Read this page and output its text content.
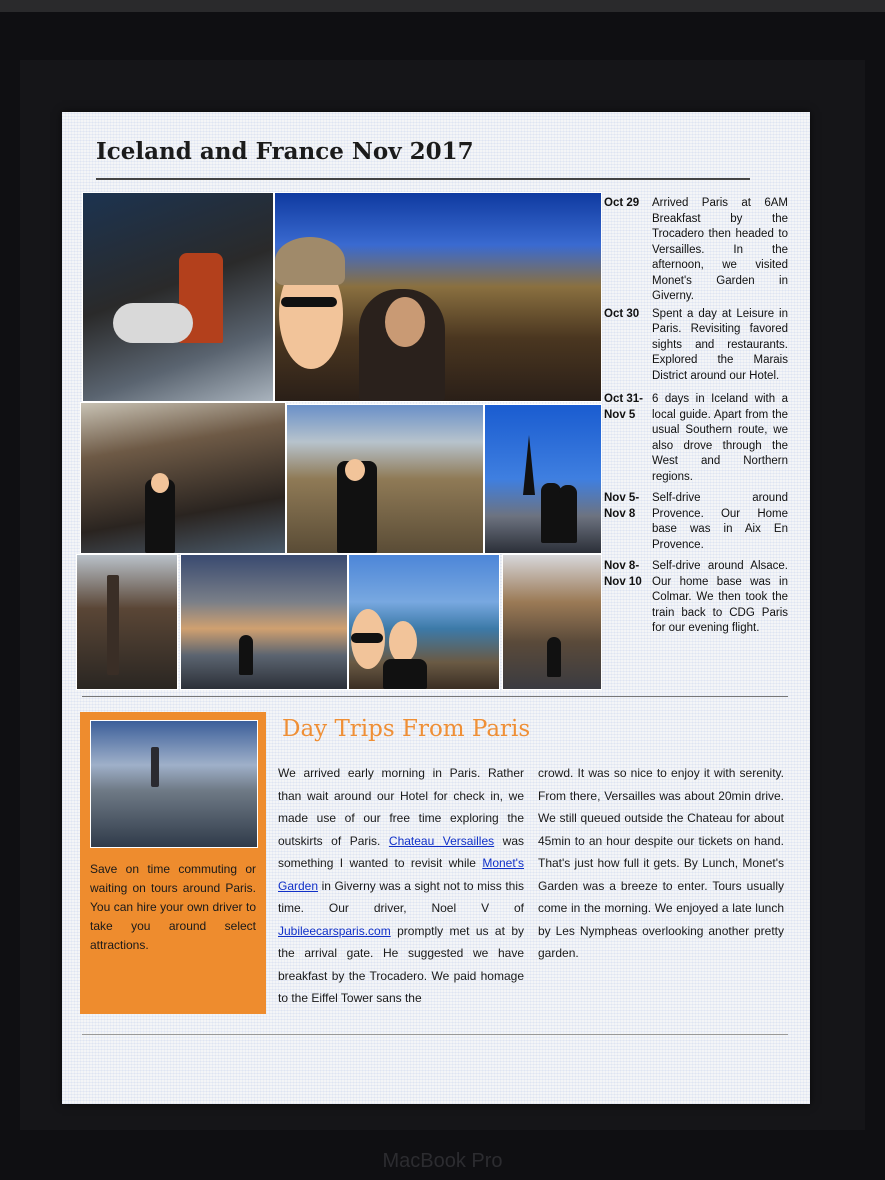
Iceland and France Nov 2017
Oct 29	Arrived Paris at 6AM Breakfast by the Trocadero then headed to Versailles. In the afternoon, we visited Monet's Garden in Giverny.
Oct 30	Spent a day at Leisure in Paris. Revisiting favored sights and restaurants. Explored the Marais District around our Hotel.
Oct 31- Nov 5
6 days in Iceland with a local guide. Apart from the usual Southern route, we also drove through the West and Northern regions.
Nov 5- Nov 8
Self-drive around Provence. Our Home base was in Aix En Provence.
Nov 8- Nov 10
Self-drive around Alsace. Our home base was in Colmar. We then took the train back to CDG Paris for our evening flight.
Save on time commuting or waiting on tours around Paris. You can hire your own driver to take you around select attractions.
Day Trips From Paris
We arrived early morning in Paris. Rather than wait around our Hotel for check in, we made use of our free time exploring the outskirts of Paris. Chateau Versailles was something I wanted to revisit while Monet's Garden in Giverny was a sight not to miss this time. Our driver, Noel V of Jubileecarsparis.com promptly met us at by the arrival gate. He suggested we have breakfast by the Trocadero. We paid homage to the Eiffel Tower sans the
crowd. It was so nice to enjoy it with serenity. From there, Versailles was about 20min drive. We still queued outside the Chateau for about 45min to an hour despite our tickets on hand. That's just how full it gets. By Lunch, Monet's Garden was a breeze to enter. Tours usually come in the morning. We enjoyed a late lunch by Les Nympheas overlooking another pretty garden.
MacBook Pro
